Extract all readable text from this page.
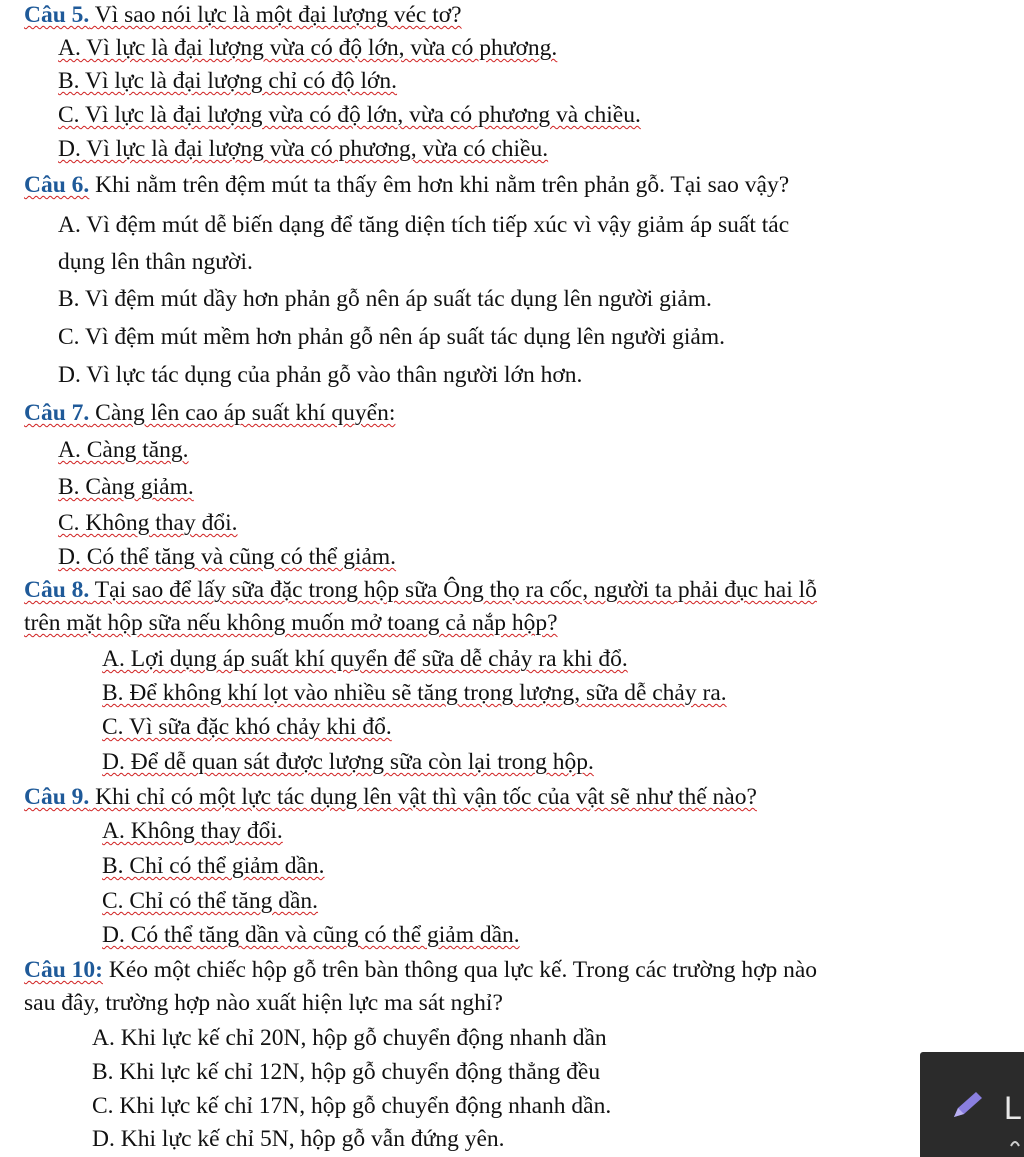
Câu 5. Vì sao nói lực là một đại lượng véc tơ?
A. Vì lực là đại lượng vừa có độ lớn, vừa có phương.
B. Vì lực là đại lượng chỉ có độ lớn.
C. Vì lực là đại lượng vừa có độ lớn, vừa có phương và chiều.
D. Vì lực là đại lượng vừa có phương, vừa có chiều.
Câu 6. Khi nằm trên đệm mút ta thấy êm hơn khi nằm trên phản gỗ. Tại sao vậy?
A. Vì đệm mút dễ biến dạng để tăng diện tích tiếp xúc vì vậy giảm áp suất tác
dụng lên thân người.
B. Vì đệm mút dầy hơn phản gỗ nên áp suất tác dụng lên người giảm.
C. Vì đệm mút mềm hơn phản gỗ nên áp suất tác dụng lên người giảm.
D. Vì lực tác dụng của phản gỗ vào thân người lớn hơn.
Câu 7. Càng lên cao áp suất khí quyển:
A. Càng tăng.
B. Càng giảm.
C. Không thay đổi.
D. Có thể tăng và cũng có thể giảm.
Câu 8. Tại sao để lấy sữa đặc trong hộp sữa Ông thọ ra cốc, người ta phải đục hai lỗ
trên mặt hộp sữa nếu không muốn mở toang cả nắp hộp?
A. Lợi dụng áp suất khí quyển để sữa dễ chảy ra khi đổ.
B. Để không khí lọt vào nhiều sẽ tăng trọng lượng, sữa dễ chảy ra.
C. Vì sữa đặc khó chảy khi đổ.
D. Để dễ quan sát được lượng sữa còn lại trong hộp.
Câu 9. Khi chỉ có một lực tác dụng lên vật thì vận tốc của vật sẽ như thế nào?
A. Không thay đổi.
B. Chỉ có thể giảm dần.
C. Chỉ có thể tăng dần.
D. Có thể tăng dần và cũng có thể giảm dần.
Câu 10: Kéo một chiếc hộp gỗ trên bàn thông qua lực kế. Trong các trường hợp nào
sau đây, trường hợp nào xuất hiện lực ma sát nghỉ?
A. Khi lực kế chỉ 20N, hộp gỗ chuyển động nhanh dần
B. Khi lực kế chỉ 12N, hộp gỗ chuyển động thẳng đều
C. Khi lực kế chỉ 17N, hộp gỗ chuyển động nhanh dần.
D. Khi lực kế chỉ 5N, hộp gỗ vẫn đứng yên.
L
